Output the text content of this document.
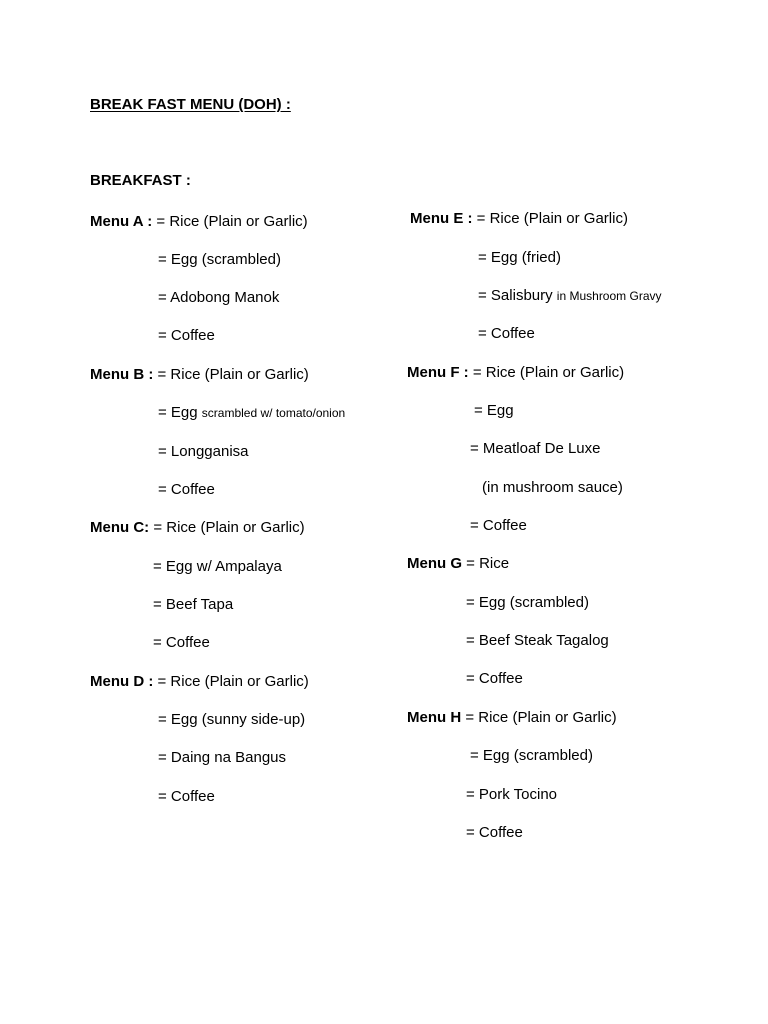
BREAK FAST MENU (DOH) :
BREAKFAST :
Menu A : = Rice (Plain or Garlic)
= Egg (scrambled)
= Adobong Manok
= Coffee
Menu B : = Rice (Plain or Garlic)
= Egg scrambled w/ tomato/onion
= Longganisa
= Coffee
Menu C: = Rice (Plain or Garlic)
= Egg w/ Ampalaya
= Beef Tapa
= Coffee
Menu D : = Rice (Plain or Garlic)
= Egg (sunny side-up)
= Daing na Bangus
= Coffee
Menu E : = Rice (Plain or Garlic)
= Egg (fried)
= Salisbury in Mushroom Gravy
= Coffee
Menu F : = Rice (Plain or Garlic)
= Egg
= Meatloaf De Luxe
(in mushroom sauce)
= Coffee
Menu G = Rice
= Egg (scrambled)
= Beef Steak Tagalog
= Coffee
Menu H = Rice (Plain or Garlic)
= Egg (scrambled)
= Pork Tocino
= Coffee
